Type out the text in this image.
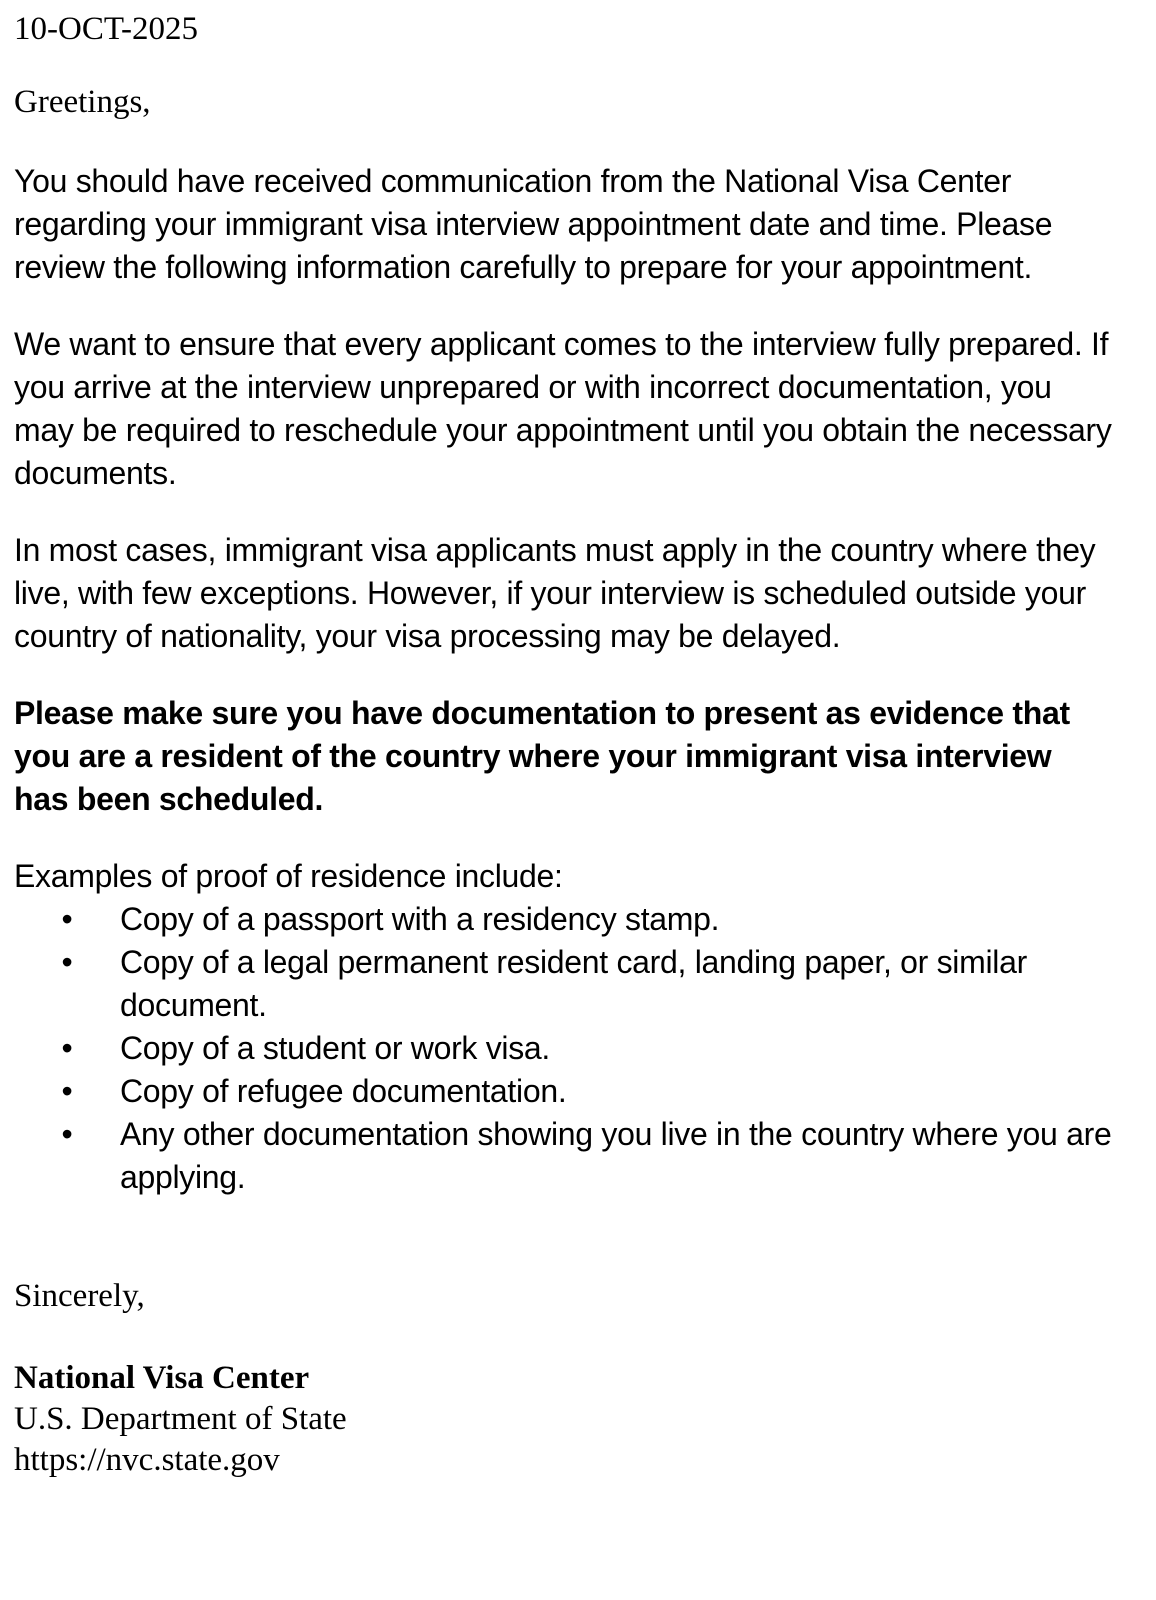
10-OCT-2025
Greetings,

You should have received communication from the National Visa Center regarding your immigrant visa interview appointment date and time. Please review the following information carefully to prepare for your appointment.

We want to ensure that every applicant comes to the interview fully prepared. If you arrive at the interview unprepared or with incorrect documentation, you may be required to reschedule your appointment until you obtain the necessary documents.

In most cases, immigrant visa applicants must apply in the country where they live, with few exceptions. However, if your interview is scheduled outside your country of nationality, your visa processing may be delayed.

Please make sure you have documentation to present as evidence that you are a resident of the country where your immigrant visa interview has been scheduled.

Examples of proof of residence include:

• Copy of a passport with a residency stamp.
• Copy of a legal permanent resident card, landing paper, or similar document.
• Copy of a student or work visa.
• Copy of refugee documentation.
• Any other documentation showing you live in the country where you are applying.
Sincerely,
National Visa Center
U.S. Department of State
https://nvc.state.gov
